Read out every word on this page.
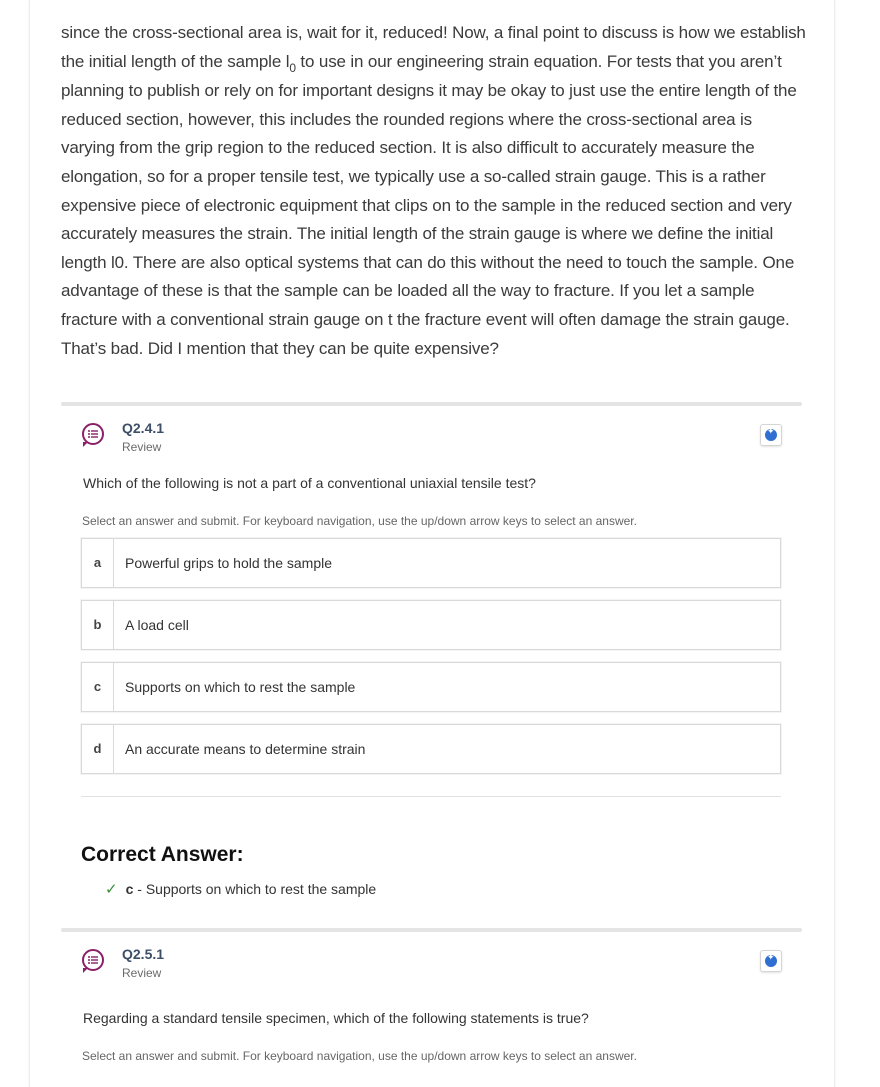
since the cross-sectional area is, wait for it, reduced! Now, a final point to discuss is how we establish the initial length of the sample $l_0$ to use in our engineering strain equation. For tests that you aren’t planning to publish or rely on for important designs it may be okay to just use the entire length of the reduced section, however, this includes the rounded regions where the cross-sectional area is varying from the grip region to the reduced section. It is also difficult to accurately measure the elongation, so for a proper tensile test, we typically use a so-called strain gauge. This is a rather expensive piece of electronic equipment that clips on to the sample in the reduced section and very accurately measures the strain. The initial length of the strain gauge is where we define the initial length l0. There are also optical systems that can do this without the need to touch the sample. One advantage of these is that the sample can be loaded all the way to fracture. If you let a sample fracture with a conventional strain gauge on t the fracture event will often damage the strain gauge. That’s bad. Did I mention that they can be quite expensive?

Q2.4.1
Review
✦
Which of the following is not a part of a conventional uniaxial tensile test?
Select an answer and submit. For keyboard navigation, use the up/down arrow keys to select an answer.
a	Powerful grips to hold the sample
b	A load cell
c	Supports on which to rest the sample
d	An accurate means to determine strain
Correct Answer:
✓ c - Supports on which to rest the sample
Q2.5.1
Review
✦
Regarding a standard tensile specimen, which of the following statements is true?
Select an answer and submit. For keyboard navigation, use the up/down arrow keys to select an answer.
